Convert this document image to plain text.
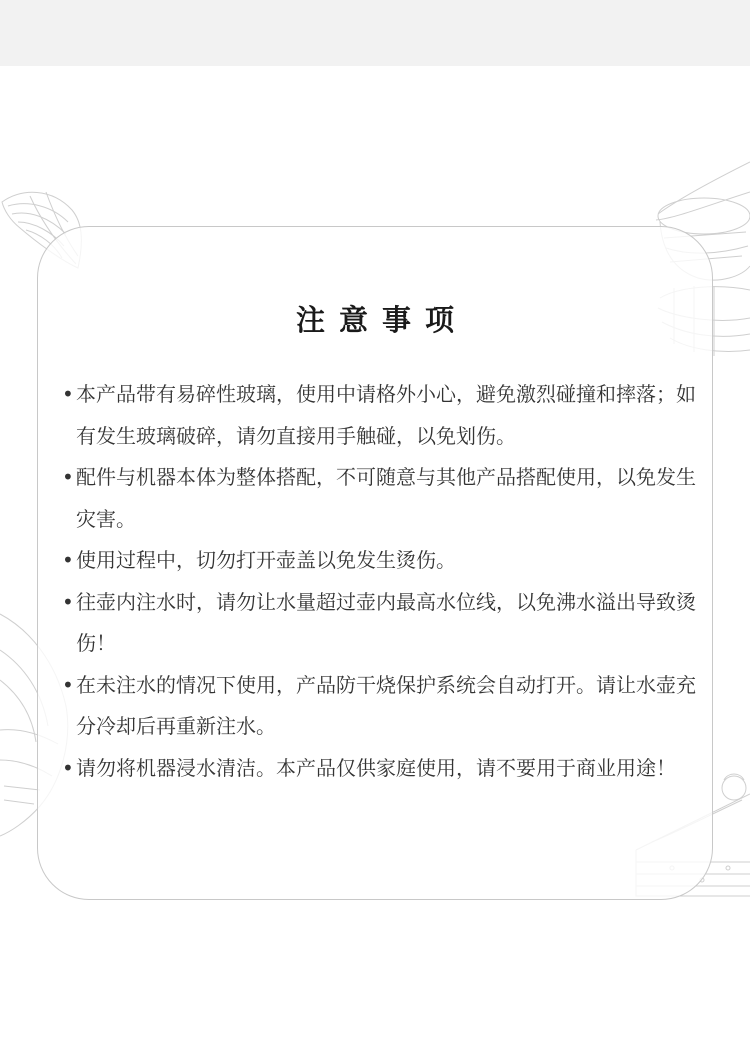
注意事项
• 本产品带有易碎性玻璃，使用中请格外小心，避免激烈碰撞和摔落；如有发生玻璃破碎，请勿直接用手触碰，以免划伤。
• 配件与机器本体为整体搭配，不可随意与其他产品搭配使用，以免发生灾害。
• 使用过程中，切勿打开壶盖以免发生烫伤。
• 往壶内注水时，请勿让水量超过壶内最高水位线，以免沸水溢出导致烫伤！
• 在未注水的情况下使用，产品防干烧保护系统会自动打开。请让水壶充分冷却后再重新注水。
• 请勿将机器浸水清洁。本产品仅供家庭使用，请不要用于商业用途！
